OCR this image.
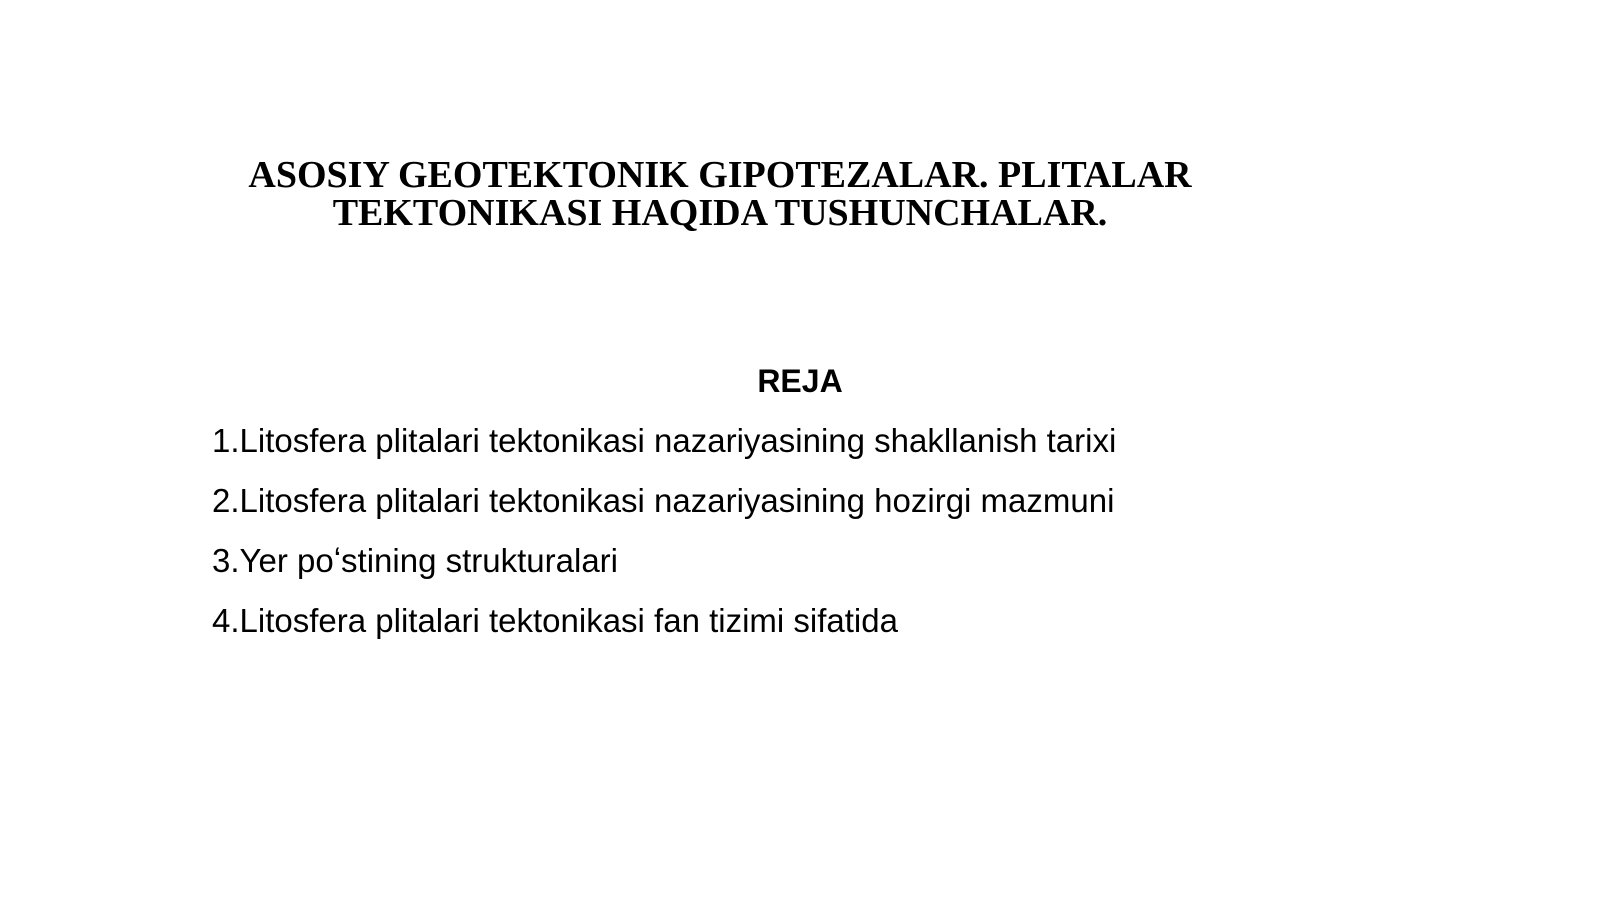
ASOSIY GEOTEKTONIK GIPOTEZALAR. PLITALAR
TEKTONIKASI HAQIDA TUSHUNCHALAR.
REJA
1.Litosfera plitalari tektonikasi nazariyasining shakllanish tarixi
2.Litosfera plitalari tektonikasi nazariyasining hozirgi mazmuni
3.Yer poʻstining strukturalari
4.Litosfera plitalari tektonikasi fan tizimi sifatida
